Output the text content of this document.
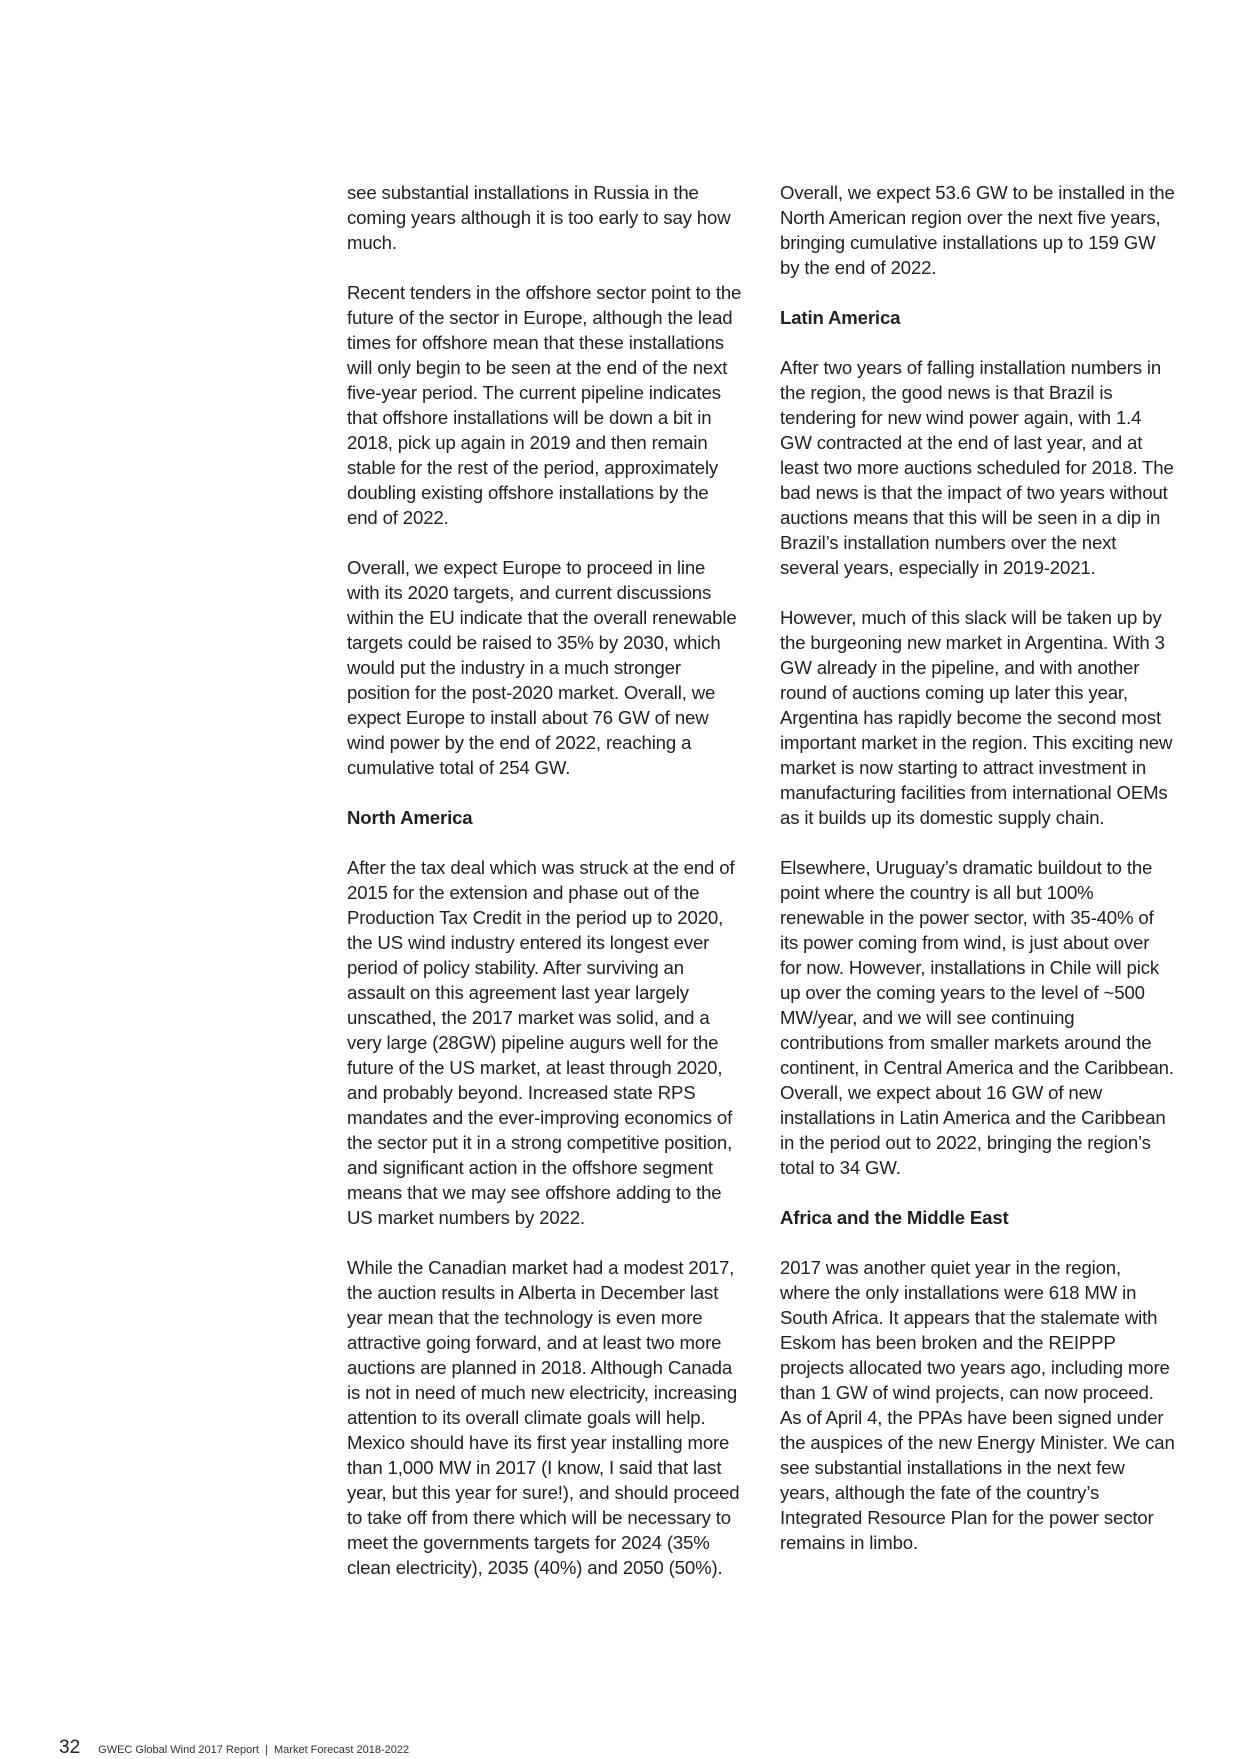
see substantial installations in Russia in the coming years although it is too early to say how much.

Recent tenders in the offshore sector point to the future of the sector in Europe, although the lead times for offshore mean that these installations will only begin to be seen at the end of the next five-year period. The current pipeline indicates that offshore installations will be down a bit in 2018, pick up again in 2019 and then remain stable for the rest of the period, approximately doubling existing offshore installations by the end of 2022.

Overall, we expect Europe to proceed in line with its 2020 targets, and current discussions within the EU indicate that the overall renewable targets could be raised to 35% by 2030, which would put the industry in a much stronger position for the post-2020 market. Overall, we expect Europe to install about 76 GW of new wind power by the end of 2022, reaching a cumulative total of 254 GW.

North America

After the tax deal which was struck at the end of 2015 for the extension and phase out of the Production Tax Credit in the period up to 2020, the US wind industry entered its longest ever period of policy stability. After surviving an assault on this agreement last year largely unscathed, the 2017 market was solid, and a very large (28GW) pipeline augurs well for the future of the US market, at least through 2020, and probably beyond. Increased state RPS mandates and the ever-improving economics of the sector put it in a strong competitive position, and significant action in the offshore segment means that we may see offshore adding to the US market numbers by 2022.

While the Canadian market had a modest 2017, the auction results in Alberta in December last year mean that the technology is even more attractive going forward, and at least two more auctions are planned in 2018. Although Canada is not in need of much new electricity, increasing attention to its overall climate goals will help. Mexico should have its first year installing more than 1,000 MW in 2017 (I know, I said that last year, but this year for sure!), and should proceed to take off from there which will be necessary to meet the governments targets for 2024 (35% clean electricity), 2035 (40%) and 2050 (50%).

Overall, we expect 53.6 GW to be installed in the North American region over the next five years, bringing cumulative installations up to 159 GW by the end of 2022.

Latin America

After two years of falling installation numbers in the region, the good news is that Brazil is tendering for new wind power again, with 1.4 GW contracted at the end of last year, and at least two more auctions scheduled for 2018. The bad news is that the impact of two years without auctions means that this will be seen in a dip in Brazil’s installation numbers over the next several years, especially in 2019-2021.

However, much of this slack will be taken up by the burgeoning new market in Argentina. With 3 GW already in the pipeline, and with another round of auctions coming up later this year, Argentina has rapidly become the second most important market in the region. This exciting new market is now starting to attract investment in manufacturing facilities from international OEMs as it builds up its domestic supply chain.

Elsewhere, Uruguay’s dramatic buildout to the point where the country is all but 100% renewable in the power sector, with 35-40% of its power coming from wind, is just about over for now. However, installations in Chile will pick up over the coming years to the level of ~500 MW/year, and we will see continuing contributions from smaller markets around the continent, in Central America and the Caribbean. Overall, we expect about 16 GW of new installations in Latin America and the Caribbean in the period out to 2022, bringing the region’s total to 34 GW.

Africa and the Middle East

2017 was another quiet year in the region, where the only installations were 618 MW in South Africa. It appears that the stalemate with Eskom has been broken and the REIPPP projects allocated two years ago, including more than 1 GW of wind projects, can now proceed. As of April 4, the PPAs have been signed under the auspices of the new Energy Minister. We can see substantial installations in the next few years, although the fate of the country’s Integrated Resource Plan for the power sector remains in limbo.

32 GWEC Global Wind 2017 Report  |  Market Forecast 2018-2022
